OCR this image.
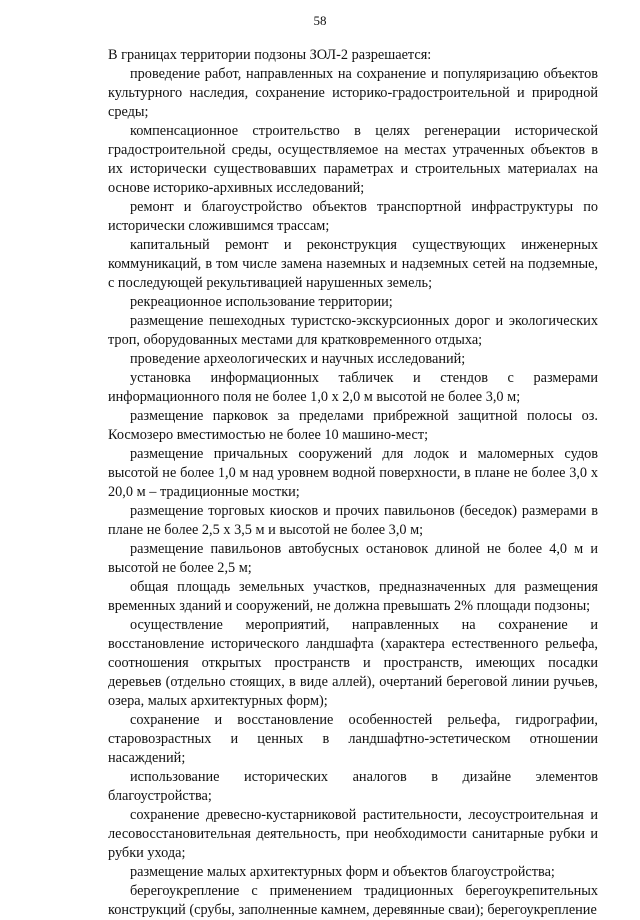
58

В границах территории подзоны ЗОЛ-2 разрешается:

проведение работ, направленных на сохранение и популяризацию объектов культурного наследия, сохранение историко-градостроительной и природной среды;

компенсационное строительство в целях регенерации исторической градостроительной среды, осуществляемое на местах утраченных объектов в их исторически существовавших параметрах и строительных материалах на основе историко-архивных исследований;

ремонт и благоустройство объектов транспортной инфраструктуры по исторически сложившимся трассам;

капитальный ремонт и реконструкция существующих инженерных коммуникаций, в том числе замена наземных и надземных сетей на подземные, с последующей рекультивацией нарушенных земель;

рекреационное использование территории;

размещение пешеходных туристско-экскурсионных дорог и экологических троп, оборудованных местами для кратковременного отдыха;

проведение археологических и научных исследований;

установка информационных табличек и стендов с размерами информационного поля не более 1,0 х 2,0 м высотой не более 3,0 м;

размещение парковок за пределами прибрежной защитной полосы оз. Космозеро вместимостью не более 10 машино-мест;

размещение причальных сооружений для лодок и маломерных судов высотой не более 1,0 м над уровнем водной поверхности, в плане не более 3,0 х 20,0 м – традиционные мостки;

размещение торговых киосков и прочих павильонов (беседок) размерами в плане не более 2,5 х 3,5 м и высотой не более 3,0 м;

размещение павильонов автобусных остановок длиной не более 4,0 м и высотой не более 2,5 м;

общая площадь земельных участков, предназначенных для размещения временных зданий и сооружений, не должна превышать 2% площади подзоны;

осуществление мероприятий, направленных на сохранение и восстановление исторического ландшафта (характера естественного рельефа, соотношения открытых пространств и пространств, имеющих посадки деревьев (отдельно стоящих, в виде аллей), очертаний береговой линии ручьев, озера, малых архитектурных форм);

сохранение и восстановление особенностей рельефа, гидрографии, старовозрастных и ценных в ландшафтно-эстетическом отношении насаждений;

использование исторических аналогов в дизайне элементов благоустройства;

сохранение древесно-кустарниковой растительности, лесоустроительная и лесовосстановительная деятельность, при необходимости санитарные рубки и рубки ухода;

размещение малых архитектурных форм и объектов благоустройства;

берегоукрепление с применением традиционных берегоукрепительных конструкций (срубы, заполненные камнем, деревянные сваи); берегоукрепление
